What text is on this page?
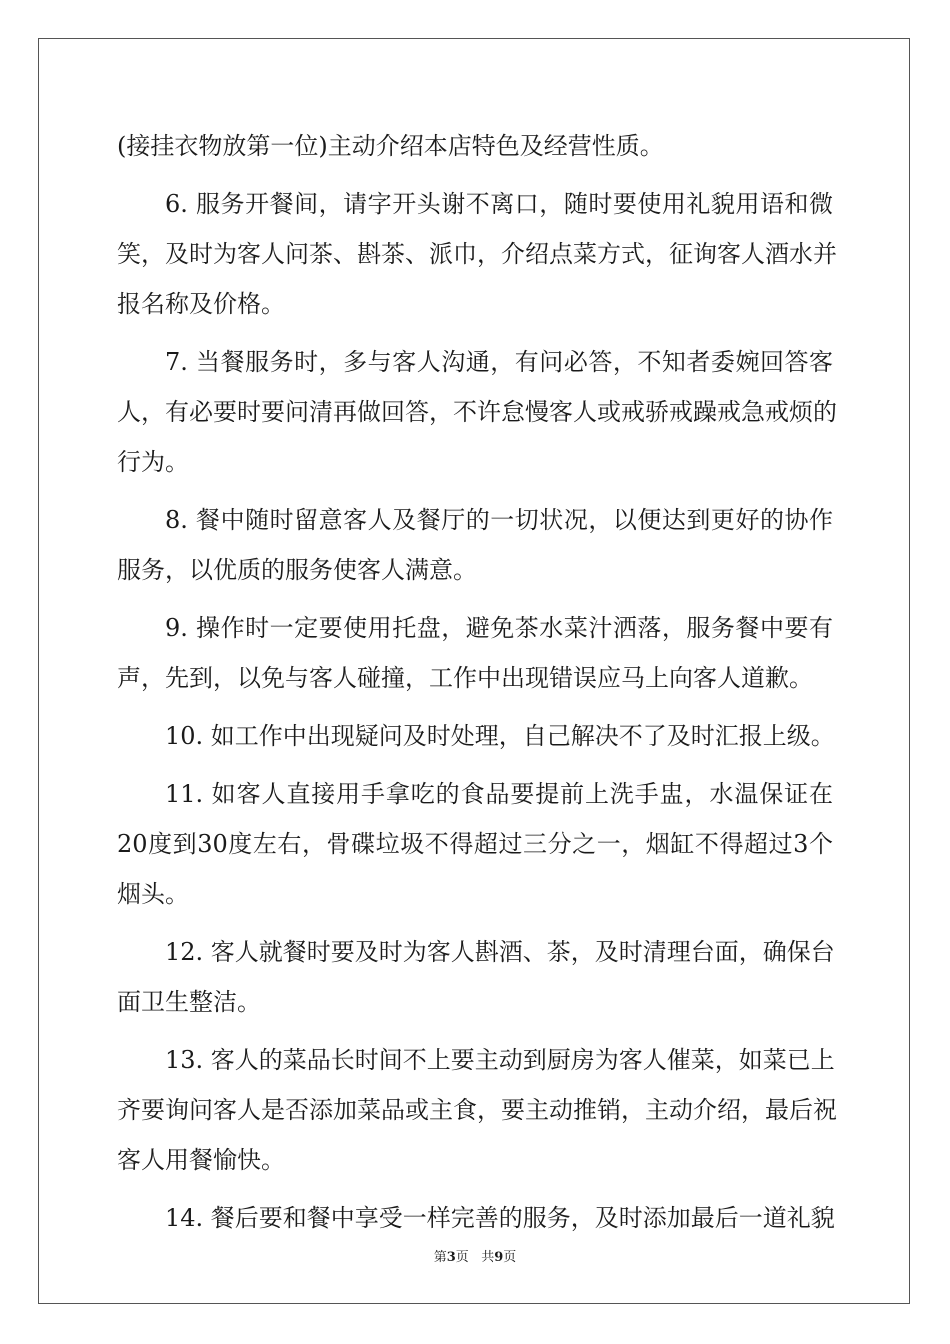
(接挂衣物放第一位)主动介绍本店特色及经营性质。
6. 服务开餐间，请字开头谢不离口，随时要使用礼貌用语和微
笑，及时为客人问茶、斟茶、派巾，介绍点菜方式，征询客人酒水并
报名称及价格。
7. 当餐服务时，多与客人沟通，有问必答，不知者委婉回答客
人，有必要时要问清再做回答，不许怠慢客人或戒骄戒躁戒急戒烦的
行为。
8. 餐中随时留意客人及餐厅的一切状况，以便达到更好的协作
服务，以优质的服务使客人满意。
9. 操作时一定要使用托盘，避免茶水菜汁洒落，服务餐中要有
声，先到，以免与客人碰撞，工作中出现错误应马上向客人道歉。
10. 如工作中出现疑问及时处理，自己解决不了及时汇报上级。
11. 如客人直接用手拿吃的食品要提前上洗手盅，水温保证在
20度到30度左右，骨碟垃圾不得超过三分之一，烟缸不得超过3个
烟头。
12. 客人就餐时要及时为客人斟酒、茶，及时清理台面，确保台
面卫生整洁。
13. 客人的菜品长时间不上要主动到厨房为客人催菜，如菜已上
齐要询问客人是否添加菜品或主食，要主动推销，主动介绍，最后祝
客人用餐愉快。
14. 餐后要和餐中享受一样完善的服务，及时添加最后一道礼貌
第3页 共9页
